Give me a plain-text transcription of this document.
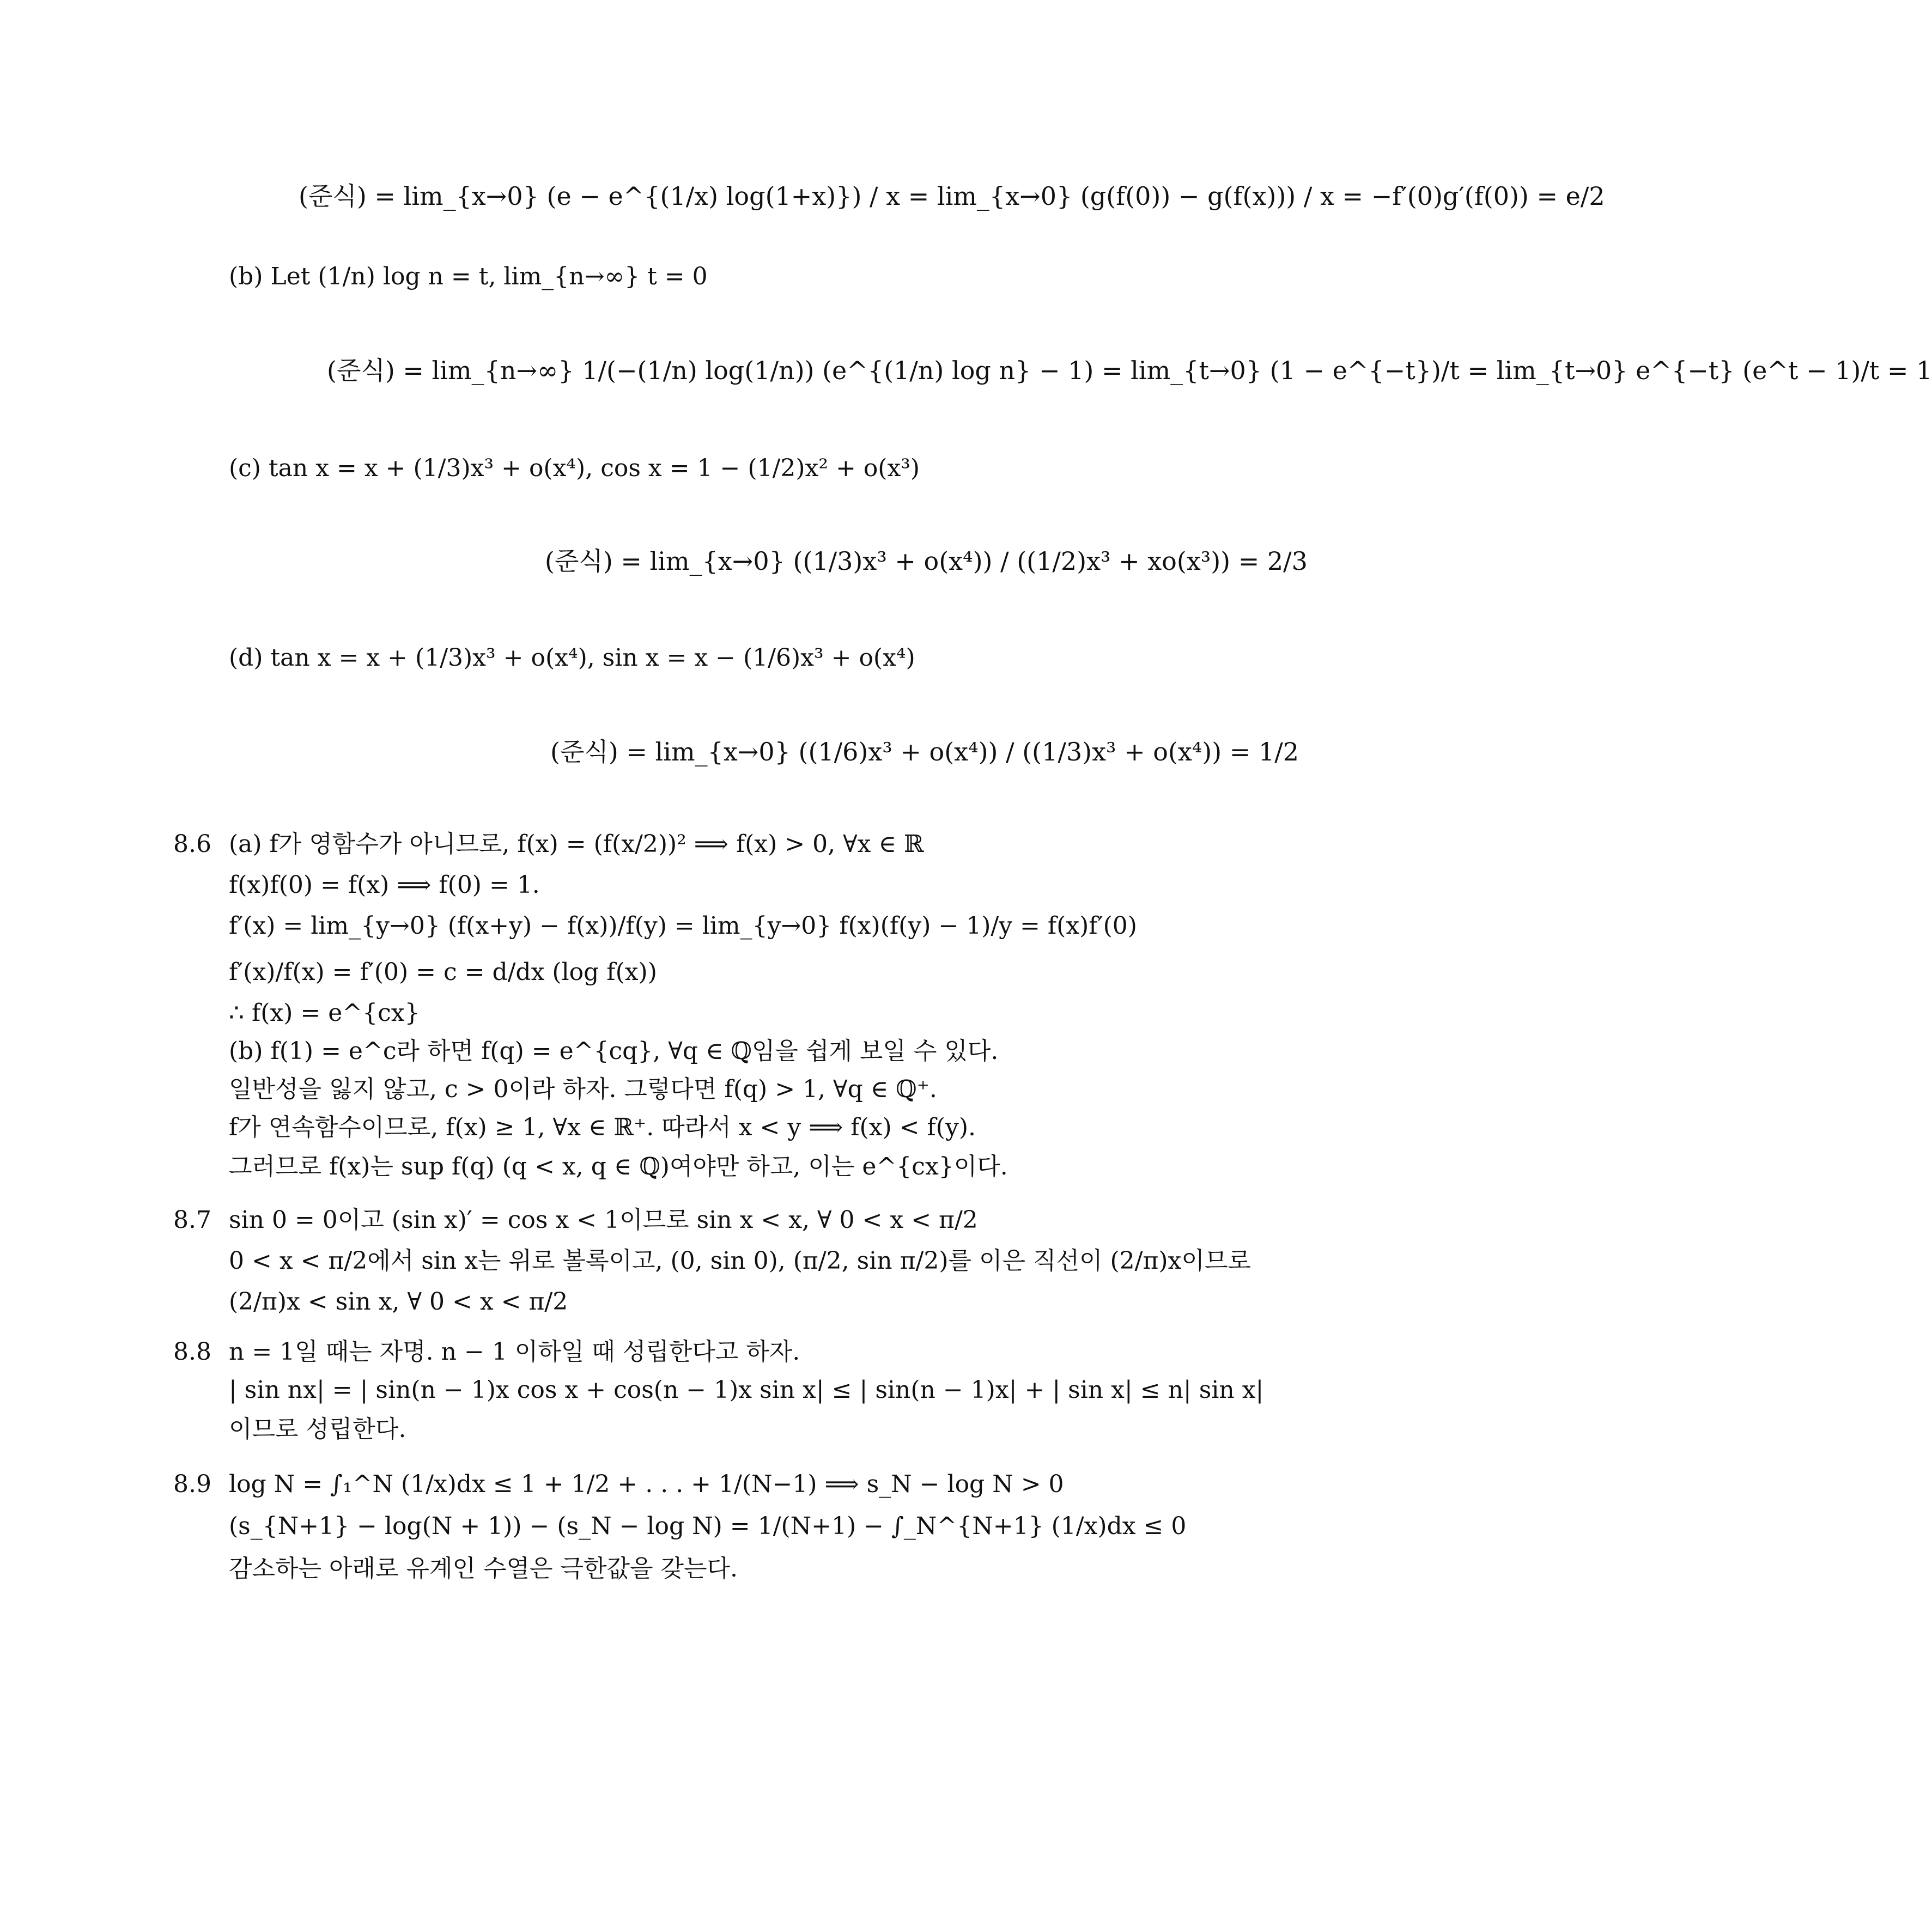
(준식) = lim_{x→0} (e − e^{(1/x) log(1+x)}) / x = lim_{x→0} (g(f(0)) − g(f(x))) / x = −f′(0)g′(f(0)) = e/2
(b) Let (1/n) log n = t, lim_{n→∞} t = 0
(준식) = lim_{n→∞} 1/(−(1/n) log(1/n)) (e^{(1/n) log n} − 1) = lim_{t→0} (1 − e^{−t})/t = lim_{t→0} e^{−t} (e^t − 1)/t = 1
(c) tan x = x + (1/3)x³ + o(x⁴), cos x = 1 − (1/2)x² + o(x³)
(준식) = lim_{x→0} ((1/3)x³ + o(x⁴)) / ((1/2)x³ + xo(x³)) = 2/3
(d) tan x = x + (1/3)x³ + o(x⁴), sin x = x − (1/6)x³ + o(x⁴)
(준식) = lim_{x→0} ((1/6)x³ + o(x⁴)) / ((1/3)x³ + o(x⁴)) = 1/2
8.6 (a) f가 영함수가 아니므로, f(x) = (f(x/2))² ⟹ f(x) > 0, ∀x ∈ ℝ
f(x)f(0) = f(x) ⟹ f(0) = 1.
f′(x) = lim_{y→0} (f(x+y) − f(x))/f(y) = lim_{y→0} f(x)(f(y) − 1)/y = f(x)f′(0)
f′(x)/f(x) = f′(0) = c = d/dx (log f(x))
∴ f(x) = e^{cx}
(b) f(1) = e^c라 하면 f(q) = e^{cq}, ∀q ∈ ℚ임을 쉽게 보일 수 있다.
일반성을 잃지 않고, c > 0이라 하자. 그렇다면 f(q) > 1, ∀q ∈ ℚ⁺.
f가 연속함수이므로, f(x) ≥ 1, ∀x ∈ ℝ⁺. 따라서 x < y ⟹ f(x) < f(y).
그러므로 f(x)는 sup f(q) (q < x, q ∈ ℚ)여야만 하고, 이는 e^{cx}이다.
8.7 sin 0 = 0이고 (sin x)′ = cos x < 1이므로 sin x < x, ∀ 0 < x < π/2
0 < x < π/2에서 sin x는 위로 볼록이고, (0, sin 0), (π/2, sin π/2)를 이은 직선이 (2/π)x이므로
(2/π)x < sin x, ∀ 0 < x < π/2
8.8 n = 1일 때는 자명. n − 1 이하일 때 성립한다고 하자.
| sin nx| = | sin(n − 1)x cos x + cos(n − 1)x sin x| ≤ | sin(n − 1)x| + | sin x| ≤ n| sin x|
이므로 성립한다.
8.9 log N = ∫₁^N (1/x)dx ≤ 1 + 1/2 + . . . + 1/(N−1) ⟹ s_N − log N > 0
(s_{N+1} − log(N + 1)) − (s_N − log N) = 1/(N+1) − ∫_N^{N+1} (1/x)dx ≤ 0
감소하는 아래로 유계인 수열은 극한값을 갖는다.
